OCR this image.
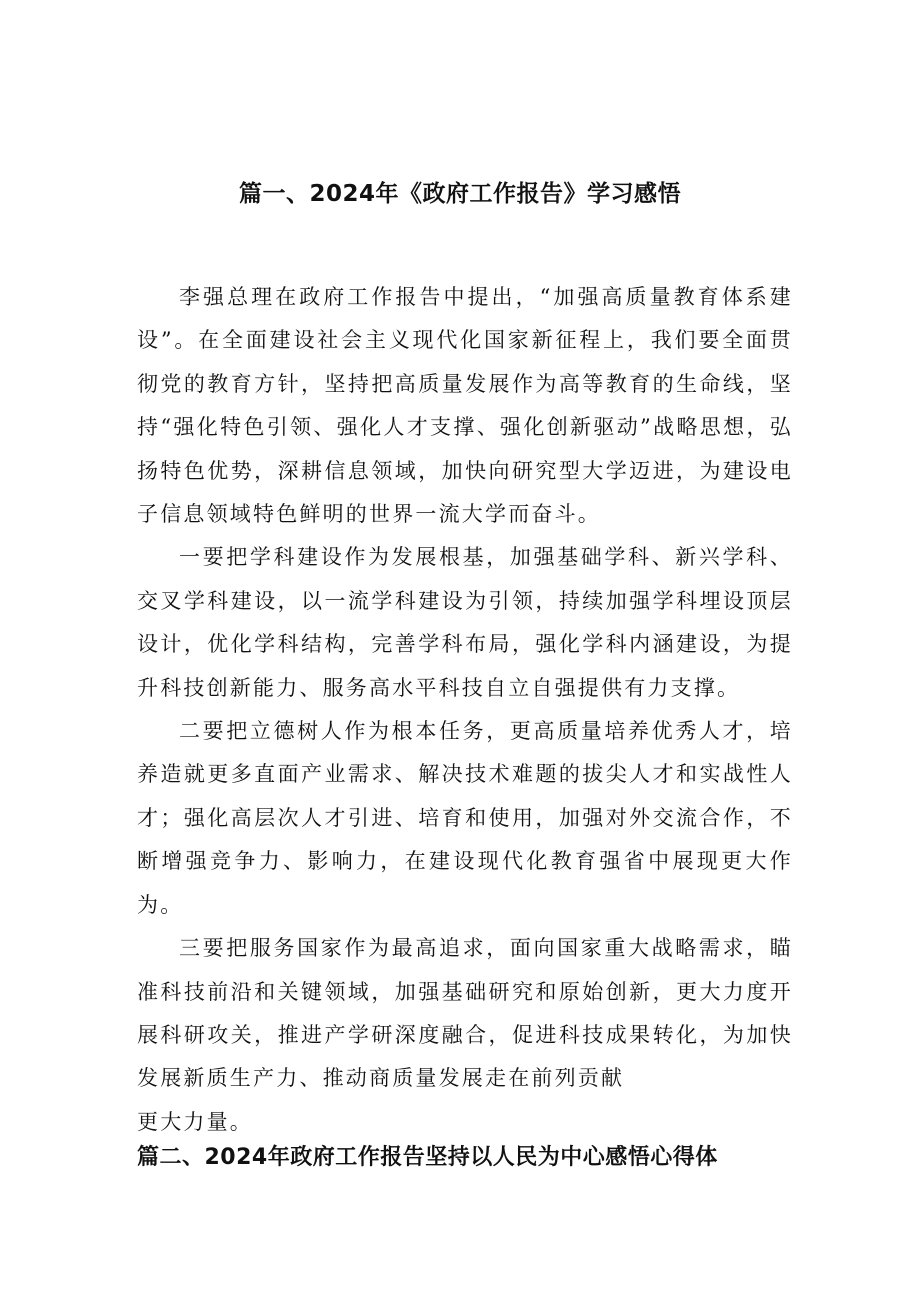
篇一、2024年《政府工作报告》学习感悟

李强总理在政府工作报告中提出，“加强高质量教育体系建设”。在全面建设社会主义现代化国家新征程上，我们要全面贯彻党的教育方针，坚持把高质量发展作为高等教育的生命线，坚持“强化特色引领、强化人才支撑、强化创新驱动”战略思想，弘扬特色优势，深耕信息领域，加快向研究型大学迈进，为建设电子信息领域特色鲜明的世界一流大学而奋斗。

一要把学科建设作为发展根基，加强基础学科、新兴学科、交叉学科建设，以一流学科建设为引领，持续加强学科埋设顶层设计，优化学科结构，完善学科布局，强化学科内涵建设，为提升科技创新能力、服务高水平科技自立自强提供有力支撑。

二要把立德树人作为根本任务，更高质量培养优秀人才，培养造就更多直面产业需求、解决技术难题的拔尖人才和实战性人才；强化高层次人才引进、培育和使用，加强对外交流合作，不断增强竞争力、影响力，在建设现代化教育强省中展现更大作为。

三要把服务国家作为最高追求，面向国家重大战略需求，瞄准科技前沿和关键领域，加强基础研究和原始创新，更大力度开展科研攻关，推进产学研深度融合，促进科技成果转化，为加快发展新质生产力、推动商质量发展走在前列贡献

更大力量。

篇二、2024年政府工作报告坚持以人民为中心感悟心得体
